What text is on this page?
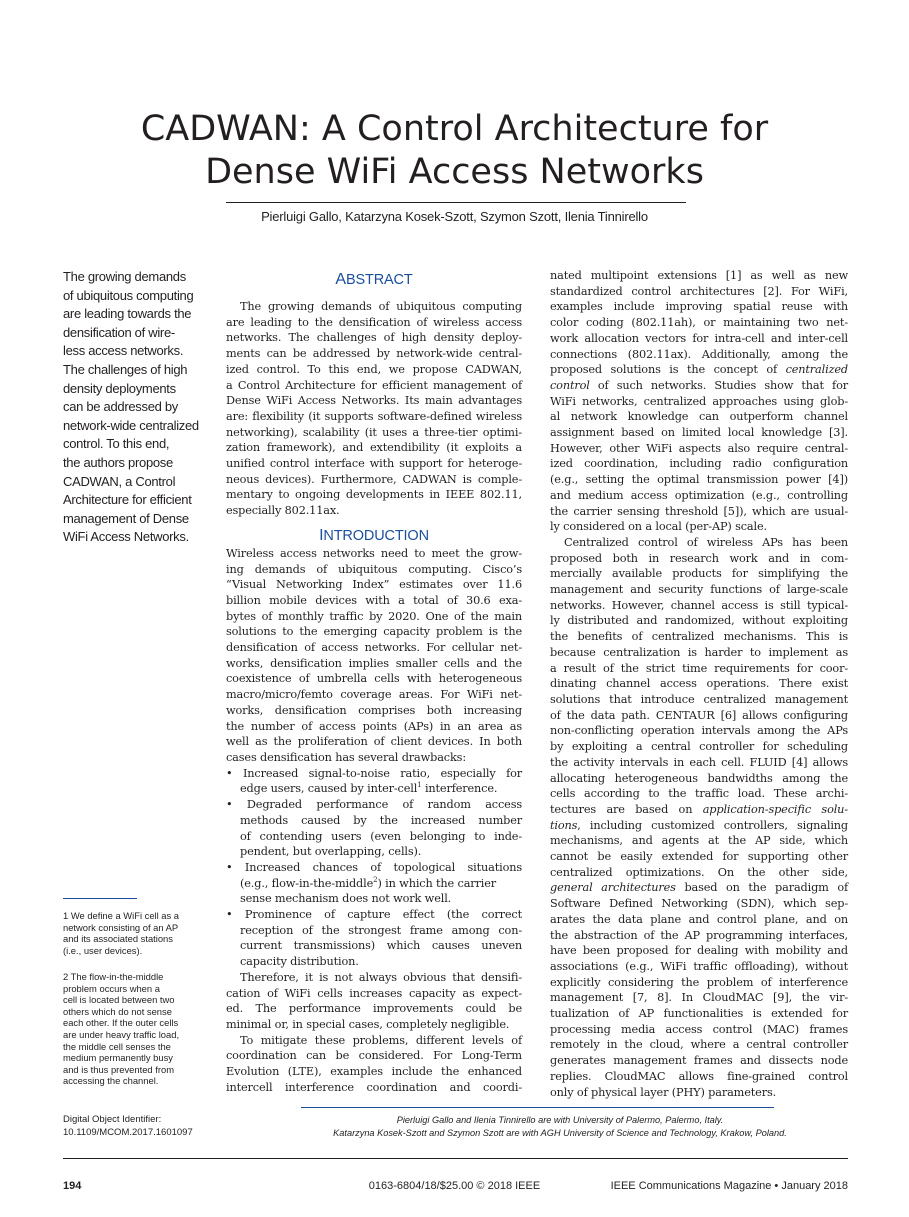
CADWAN: A Control Architecture for
Dense WiFi Access Networks
Pierluigi Gallo, Katarzyna Kosek-Szott, Szymon Szott, Ilenia Tinnirello
The growing demands
of ubiquitous computing
are leading towards the
densification of wire-
less access networks.
The challenges of high
density deployments
can be addressed by
network-wide centralized
control. To this end,
the authors propose
CADWAN, a Control
Architecture for efficient
management of Dense
WiFi Access Networks.
1 We define a WiFi cell as a
network consisting of an AP
and its associated stations
(i.e., user devices).
2 The flow-in-the-middle
problem occurs when a
cell is located between two
others which do not sense
each other. If the outer cells
are under heavy traffic load,
the middle cell senses the
medium permanently busy
and is thus prevented from
accessing the channel.
Digital Object Identifier:
10.1109/MCOM.2017.1601097
ABSTRACT
The growing demands of ubiquitous computing
are leading to the densification of wireless access
networks. The challenges of high density deploy-
ments can be addressed by network-wide central-
ized control. To this end, we propose CADWAN,
a Control Architecture for efficient management of
Dense WiFi Access Networks. Its main advantages
are: flexibility (it supports software-defined wireless
networking), scalability (it uses a three-tier optimi-
zation framework), and extendibility (it exploits a
unified control interface with support for heteroge-
neous devices). Furthermore, CADWAN is comple-
mentary to ongoing developments in IEEE 802.11,
especially 802.11ax.
INTRODUCTION
Wireless access networks need to meet the grow-
ing demands of ubiquitous computing. Cisco’s
“Visual Networking Index” estimates over 11.6
billion mobile devices with a total of 30.6 exa-
bytes of monthly traffic by 2020. One of the main
solutions to the emerging capacity problem is the
densification of access networks. For cellular net-
works, densification implies smaller cells and the
coexistence of umbrella cells with heterogeneous
macro/micro/femto coverage areas. For WiFi net-
works, densification comprises both increasing
the number of access points (APs) in an area as
well as the proliferation of client devices. In both
cases densification has several drawbacks:
• Increased signal-to-noise ratio, especially for
edge users, caused by inter-cell$^1$ interference.
• Degraded performance of random access
methods caused by the increased number
of contending users (even belonging to inde-
pendent, but overlapping, cells).
• Increased chances of topological situations
(e.g., flow-in-the-middle$^2$) in which the carrier
sense mechanism does not work well.
• Prominence of capture effect (the correct
reception of the strongest frame among con-
current transmissions) which causes uneven
capacity distribution.
Therefore, it is not always obvious that densifi-
cation of WiFi cells increases capacity as expect-
ed. The performance improvements could be
minimal or, in special cases, completely negligible.
To mitigate these problems, different levels of
coordination can be considered. For Long-Term
Evolution (LTE), examples include the enhanced
intercell interference coordination and coordi-
nated multipoint extensions [1] as well as new
standardized control architectures [2]. For WiFi,
examples include improving spatial reuse with
color coding (802.11ah), or maintaining two net-
work allocation vectors for intra-cell and inter-cell
connections (802.11ax). Additionally, among the
proposed solutions is the concept of centralized
control of such networks. Studies show that for
WiFi networks, centralized approaches using glob-
al network knowledge can outperform channel
assignment based on limited local knowledge [3].
However, other WiFi aspects also require central-
ized coordination, including radio configuration
(e.g., setting the optimal transmission power [4])
and medium access optimization (e.g., controlling
the carrier sensing threshold [5]), which are usual-
ly considered on a local (per-AP) scale.
Centralized control of wireless APs has been
proposed both in research work and in com-
mercially available products for simplifying the
management and security functions of large-scale
networks. However, channel access is still typical-
ly distributed and randomized, without exploiting
the benefits of centralized mechanisms. This is
because centralization is harder to implement as
a result of the strict time requirements for coor-
dinating channel access operations. There exist
solutions that introduce centralized management
of the data path. CENTAUR [6] allows configuring
non-conflicting operation intervals among the APs
by exploiting a central controller for scheduling
the activity intervals in each cell. FLUID [4] allows
allocating heterogeneous bandwidths among the
cells according to the traffic load. These archi-
tectures are based on application-specific solu-
tions, including customized controllers, signaling
mechanisms, and agents at the AP side, which
cannot be easily extended for supporting other
centralized optimizations. On the other side,
general architectures based on the paradigm of
Software Defined Networking (SDN), which sep-
arates the data plane and control plane, and on
the abstraction of the AP programming interfaces,
have been proposed for dealing with mobility and
associations (e.g., WiFi traffic offloading), without
explicitly considering the problem of interference
management [7, 8]. In CloudMAC [9], the vir-
tualization of AP functionalities is extended for
processing media access control (MAC) frames
remotely in the cloud, where a central controller
generates management frames and dissects node
replies. CloudMAC allows fine-grained control
only of physical layer (PHY) parameters.
Pierluigi Gallo and Ilenia Tinnirello are with University of Palermo, Palermo, Italy.
Katarzyna Kosek-Szott and Szymon Szott are with AGH University of Science and Technology, Krakow, Poland.
194	0163-6804/18/$25.00 © 2018 IEEE	IEEE Communications Magazine • January 2018
